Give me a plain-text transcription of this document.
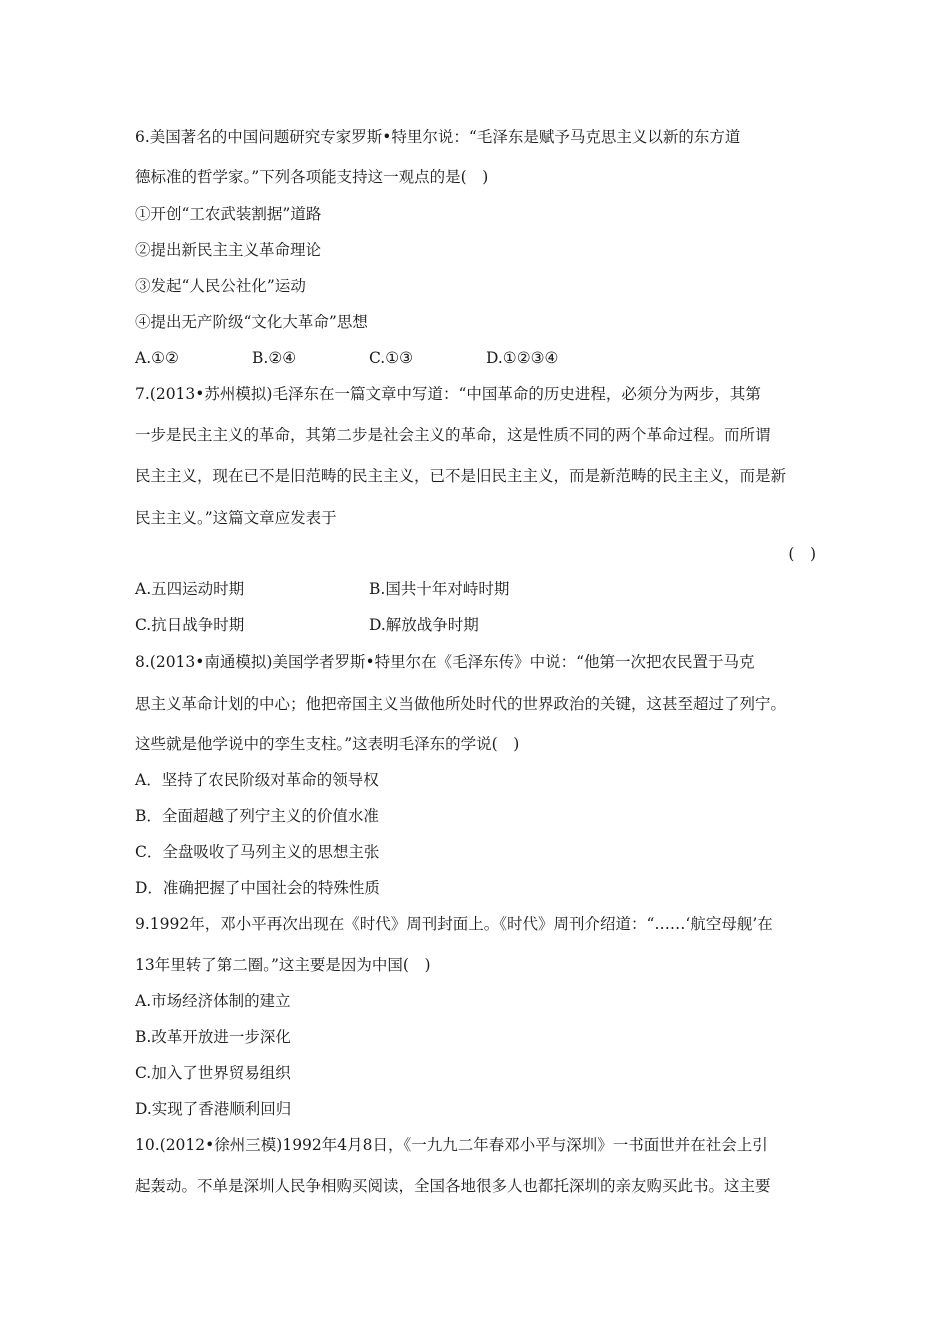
6.美国著名的中国问题研究专家罗斯•特里尔说：“毛泽东是赋予马克思主义以新的东方道
德标准的哲学家。”下列各项能支持这一观点的是(　)
①开创“工农武装割据”道路
②提出新民主主义革命理论
③发起“人民公社化”运动
④提出无产阶级“文化大革命”思想
A.①②	B.②④	C.①③	D.①②③④
7.(2013•苏州模拟)毛泽东在一篇文章中写道：“中国革命的历史进程，必须分为两步，其第
一步是民主主义的革命，其第二步是社会主义的革命，这是性质不同的两个革命过程。而所谓
民主主义，现在已不是旧范畴的民主主义，已不是旧民主主义，而是新范畴的民主主义，而是新
民主主义。”这篇文章应发表于
(　)
A.五四运动时期	B.国共十年对峙时期
C.抗日战争时期	D.解放战争时期
8.(2013•南通模拟)美国学者罗斯•特里尔在《毛泽东传》中说：“他第一次把农民置于马克
思主义革命计划的中心；他把帝国主义当做他所处时代的世界政治的关键，这甚至超过了列宁。
这些就是他学说中的孪生支柱。”这表明毛泽东的学说(　)
A．坚持了农民阶级对革命的领导权
B．全面超越了列宁主义的价值水准
C．全盘吸收了马列主义的思想主张
D．准确把握了中国社会的特殊性质
9.1992年，邓小平再次出现在《时代》周刊封面上。《时代》周刊介绍道：“……‘航空母舰’在
13年里转了第二圈。”这主要是因为中国(　)
A.市场经济体制的建立
B.改革开放进一步深化
C.加入了世界贸易组织
D.实现了香港顺利回归
10.(2012•徐州三模)1992年4月8日，《一九九二年春邓小平与深圳》一书面世并在社会上引
起轰动。不单是深圳人民争相购买阅读，全国各地很多人也都托深圳的亲友购买此书。这主要
